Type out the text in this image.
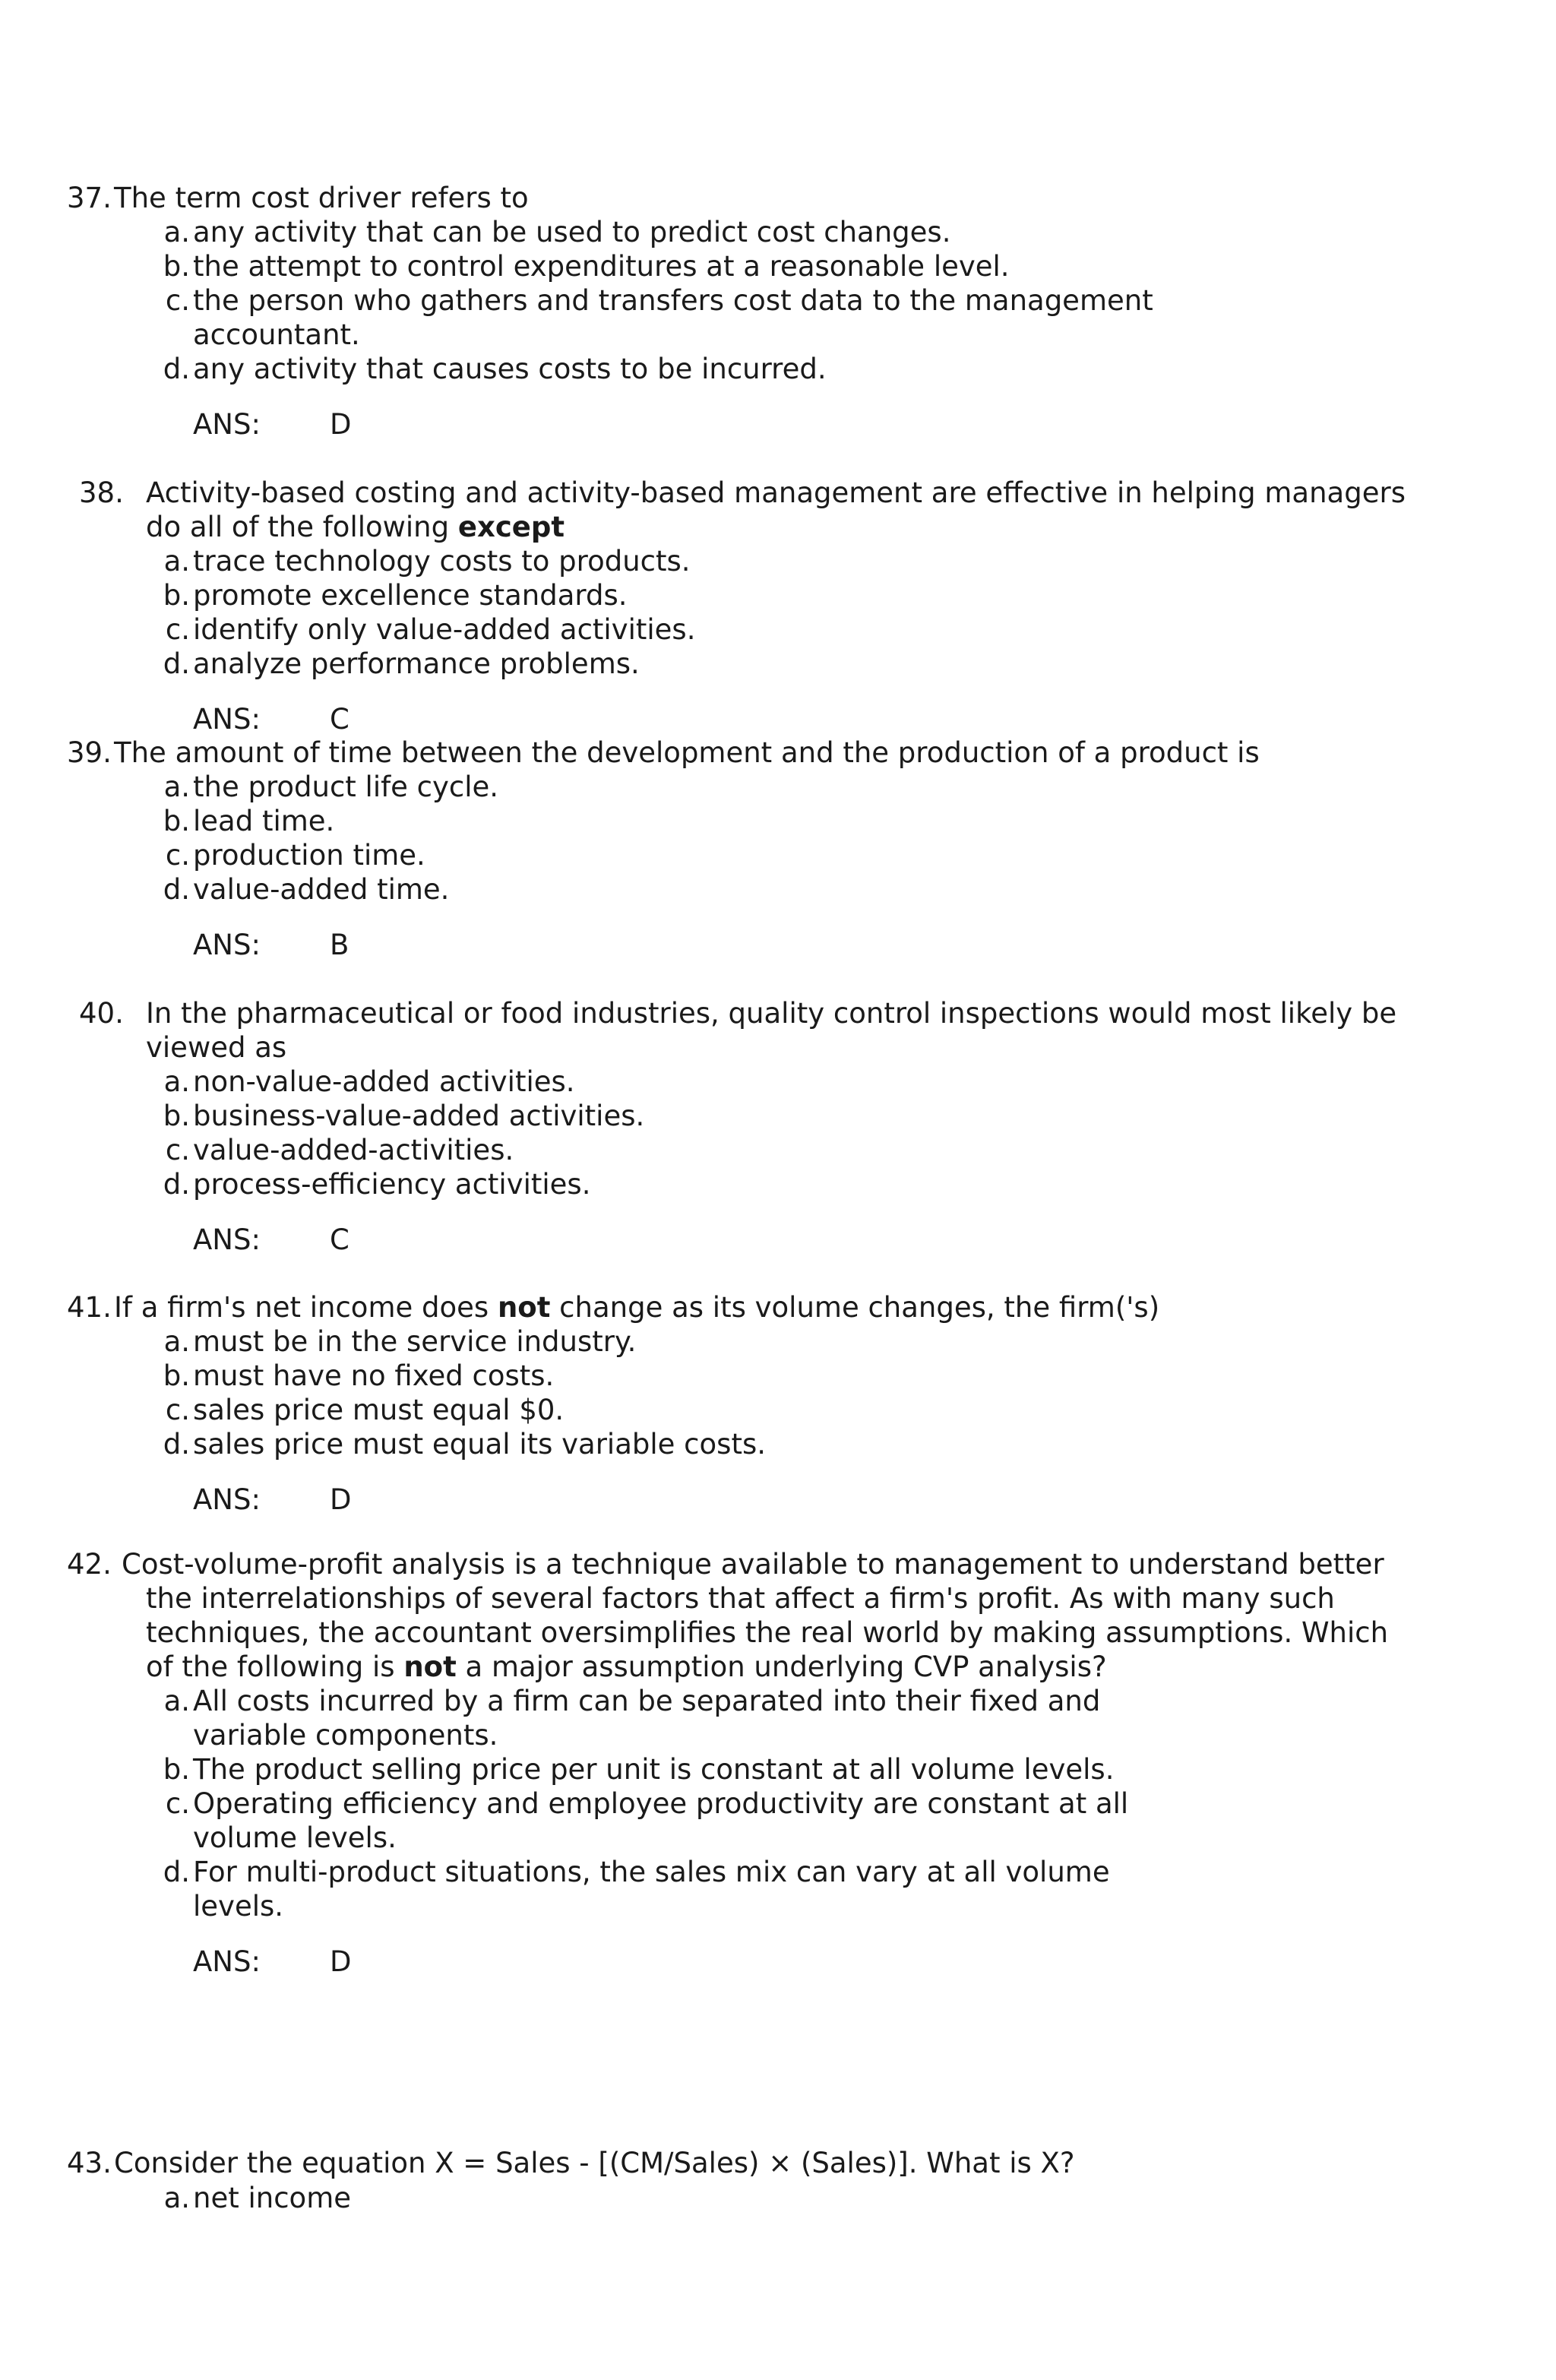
37. The term cost driver refers to
a. any activity that can be used to predict cost changes.
b. the attempt to control expenditures at a reasonable level.
c. the person who gathers and transfers cost data to the management
accountant.
d. any activity that causes costs to be incurred.
ANS: D
38. Activity-based costing and activity-based management are effective in helping managers
do all of the following except
a. trace technology costs to products.
b. promote excellence standards.
c. identify only value-added activities.
d. analyze performance problems.
ANS: C
39. The amount of time between the development and the production of a product is
a. the product life cycle.
b. lead time.
c. production time.
d. value-added time.
ANS: B
40. In the pharmaceutical or food industries, quality control inspections would most likely be
viewed as
a. non-value-added activities.
b. business-value-added activities.
c. value-added-activities.
d. process-efficiency activities.
ANS: C
41. If a firm's net income does not change as its volume changes, the firm('s)
a. must be in the service industry.
b. must have no fixed costs.
c. sales price must equal $0.
d. sales price must equal its variable costs.
ANS: D
42. Cost-volume-profit analysis is a technique available to management to understand better
the interrelationships of several factors that affect a firm's profit. As with many such
techniques, the accountant oversimplifies the real world by making assumptions. Which
of the following is not a major assumption underlying CVP analysis?
a. All costs incurred by a firm can be separated into their fixed and
variable components.
b. The product selling price per unit is constant at all volume levels.
c. Operating efficiency and employee productivity are constant at all
volume levels.
d. For multi-product situations, the sales mix can vary at all volume
levels.
ANS: D
43. Consider the equation X = Sales - [(CM/Sales) × (Sales)]. What is X?
a. net income
